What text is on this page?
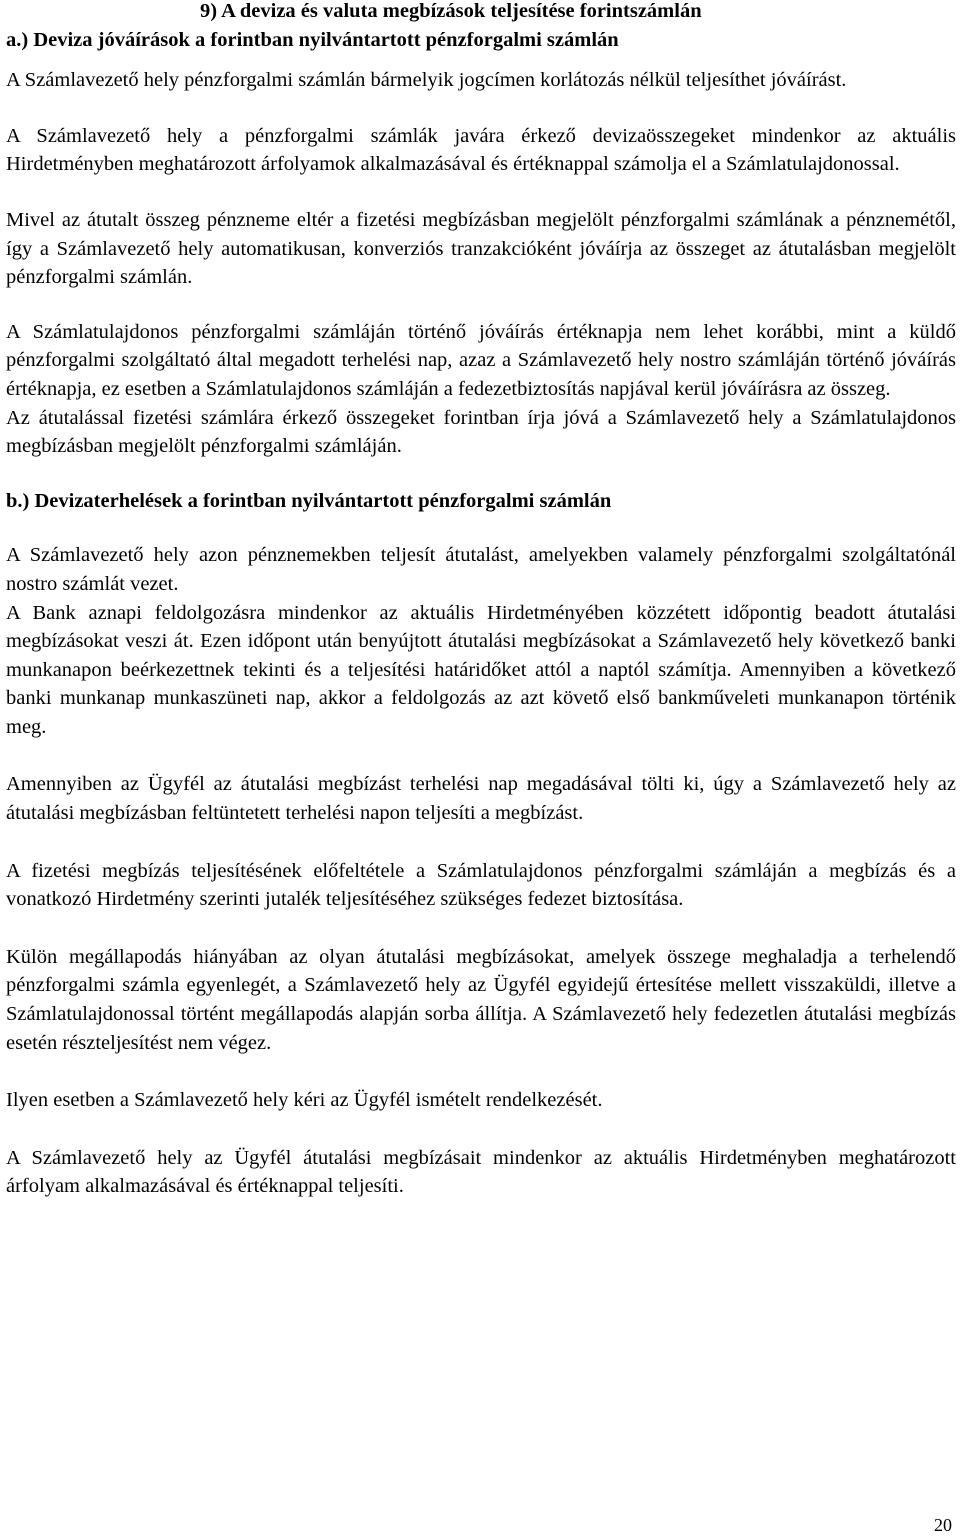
9) A deviza és valuta megbízások teljesítése forintszámlán
a.) Deviza jóváírások a forintban nyilvántartott pénzforgalmi számlán

A Számlavezető hely pénzforgalmi számlán bármelyik jogcímen korlátozás nélkül teljesíthet jóváírást.

A Számlavezető hely a pénzforgalmi számlák javára érkező devizaösszegeket mindenkor az aktuális Hirdetményben meghatározott árfolyamok alkalmazásával és értéknappal számolja el a Számlatulajdonossal.

Mivel az átutalt összeg pénzneme eltér a fizetési megbízásban megjelölt pénzforgalmi számlának a pénznemétől, így a Számlavezető hely automatikusan, konverziós tranzakcióként jóváírja az összeget az átutalásban megjelölt pénzforgalmi számlán.

A Számlatulajdonos pénzforgalmi számláján történő jóváírás értéknapja nem lehet korábbi, mint a küldő pénzforgalmi szolgáltató által megadott terhelési nap, azaz a Számlavezető hely nostro számláján történő jóváírás értéknapja, ez esetben a Számlatulajdonos számláján a fedezetbiztosítás napjával kerül jóváírásra az összeg.

Az átutalással fizetési számlára érkező összegeket forintban írja jóvá a Számlavezető hely a Számlatulajdonos megbízásban megjelölt pénzforgalmi számláján.

b.) Devizaterhelések a forintban nyilvántartott pénzforgalmi számlán

A Számlavezető hely azon pénznemekben teljesít átutalást, amelyekben valamely pénzforgalmi szolgáltatónál nostro számlát vezet.

A Bank aznapi feldolgozásra mindenkor az aktuális Hirdetményében közzétett időpontig beadott átutalási megbízásokat veszi át. Ezen időpont után benyújtott átutalási megbízásokat a Számlavezető hely következő banki munkanapon beérkezettnek tekinti és a teljesítési határidőket attól a naptól számítja. Amennyiben a következő banki munkanap munkaszüneti nap, akkor a feldolgozás az azt követő első bankműveleti munkanapon történik meg.

Amennyiben az Ügyfél az átutalási megbízást terhelési nap megadásával tölti ki, úgy a Számlavezető hely az átutalási megbízásban feltüntetett terhelési napon teljesíti a megbízást.

A fizetési megbízás teljesítésének előfeltétele a Számlatulajdonos pénzforgalmi számláján a megbízás és a vonatkozó Hirdetmény szerinti jutalék teljesítéséhez szükséges fedezet biztosítása.

Külön megállapodás hiányában az olyan átutalási megbízásokat, amelyek összege meghaladja a terhelendő pénzforgalmi számla egyenlegét, a Számlavezető hely az Ügyfél egyidejű értesítése mellett visszaküldi, illetve a Számlatulajdonossal történt megállapodás alapján sorba állítja. A Számlavezető hely fedezetlen átutalási megbízás esetén részteljesítést nem végez.

Ilyen esetben a Számlavezető hely kéri az Ügyfél ismételt rendelkezését.

A Számlavezető hely az Ügyfél átutalási megbízásait mindenkor az aktuális Hirdetményben meghatározott árfolyam alkalmazásával és értéknappal teljesíti.

20
